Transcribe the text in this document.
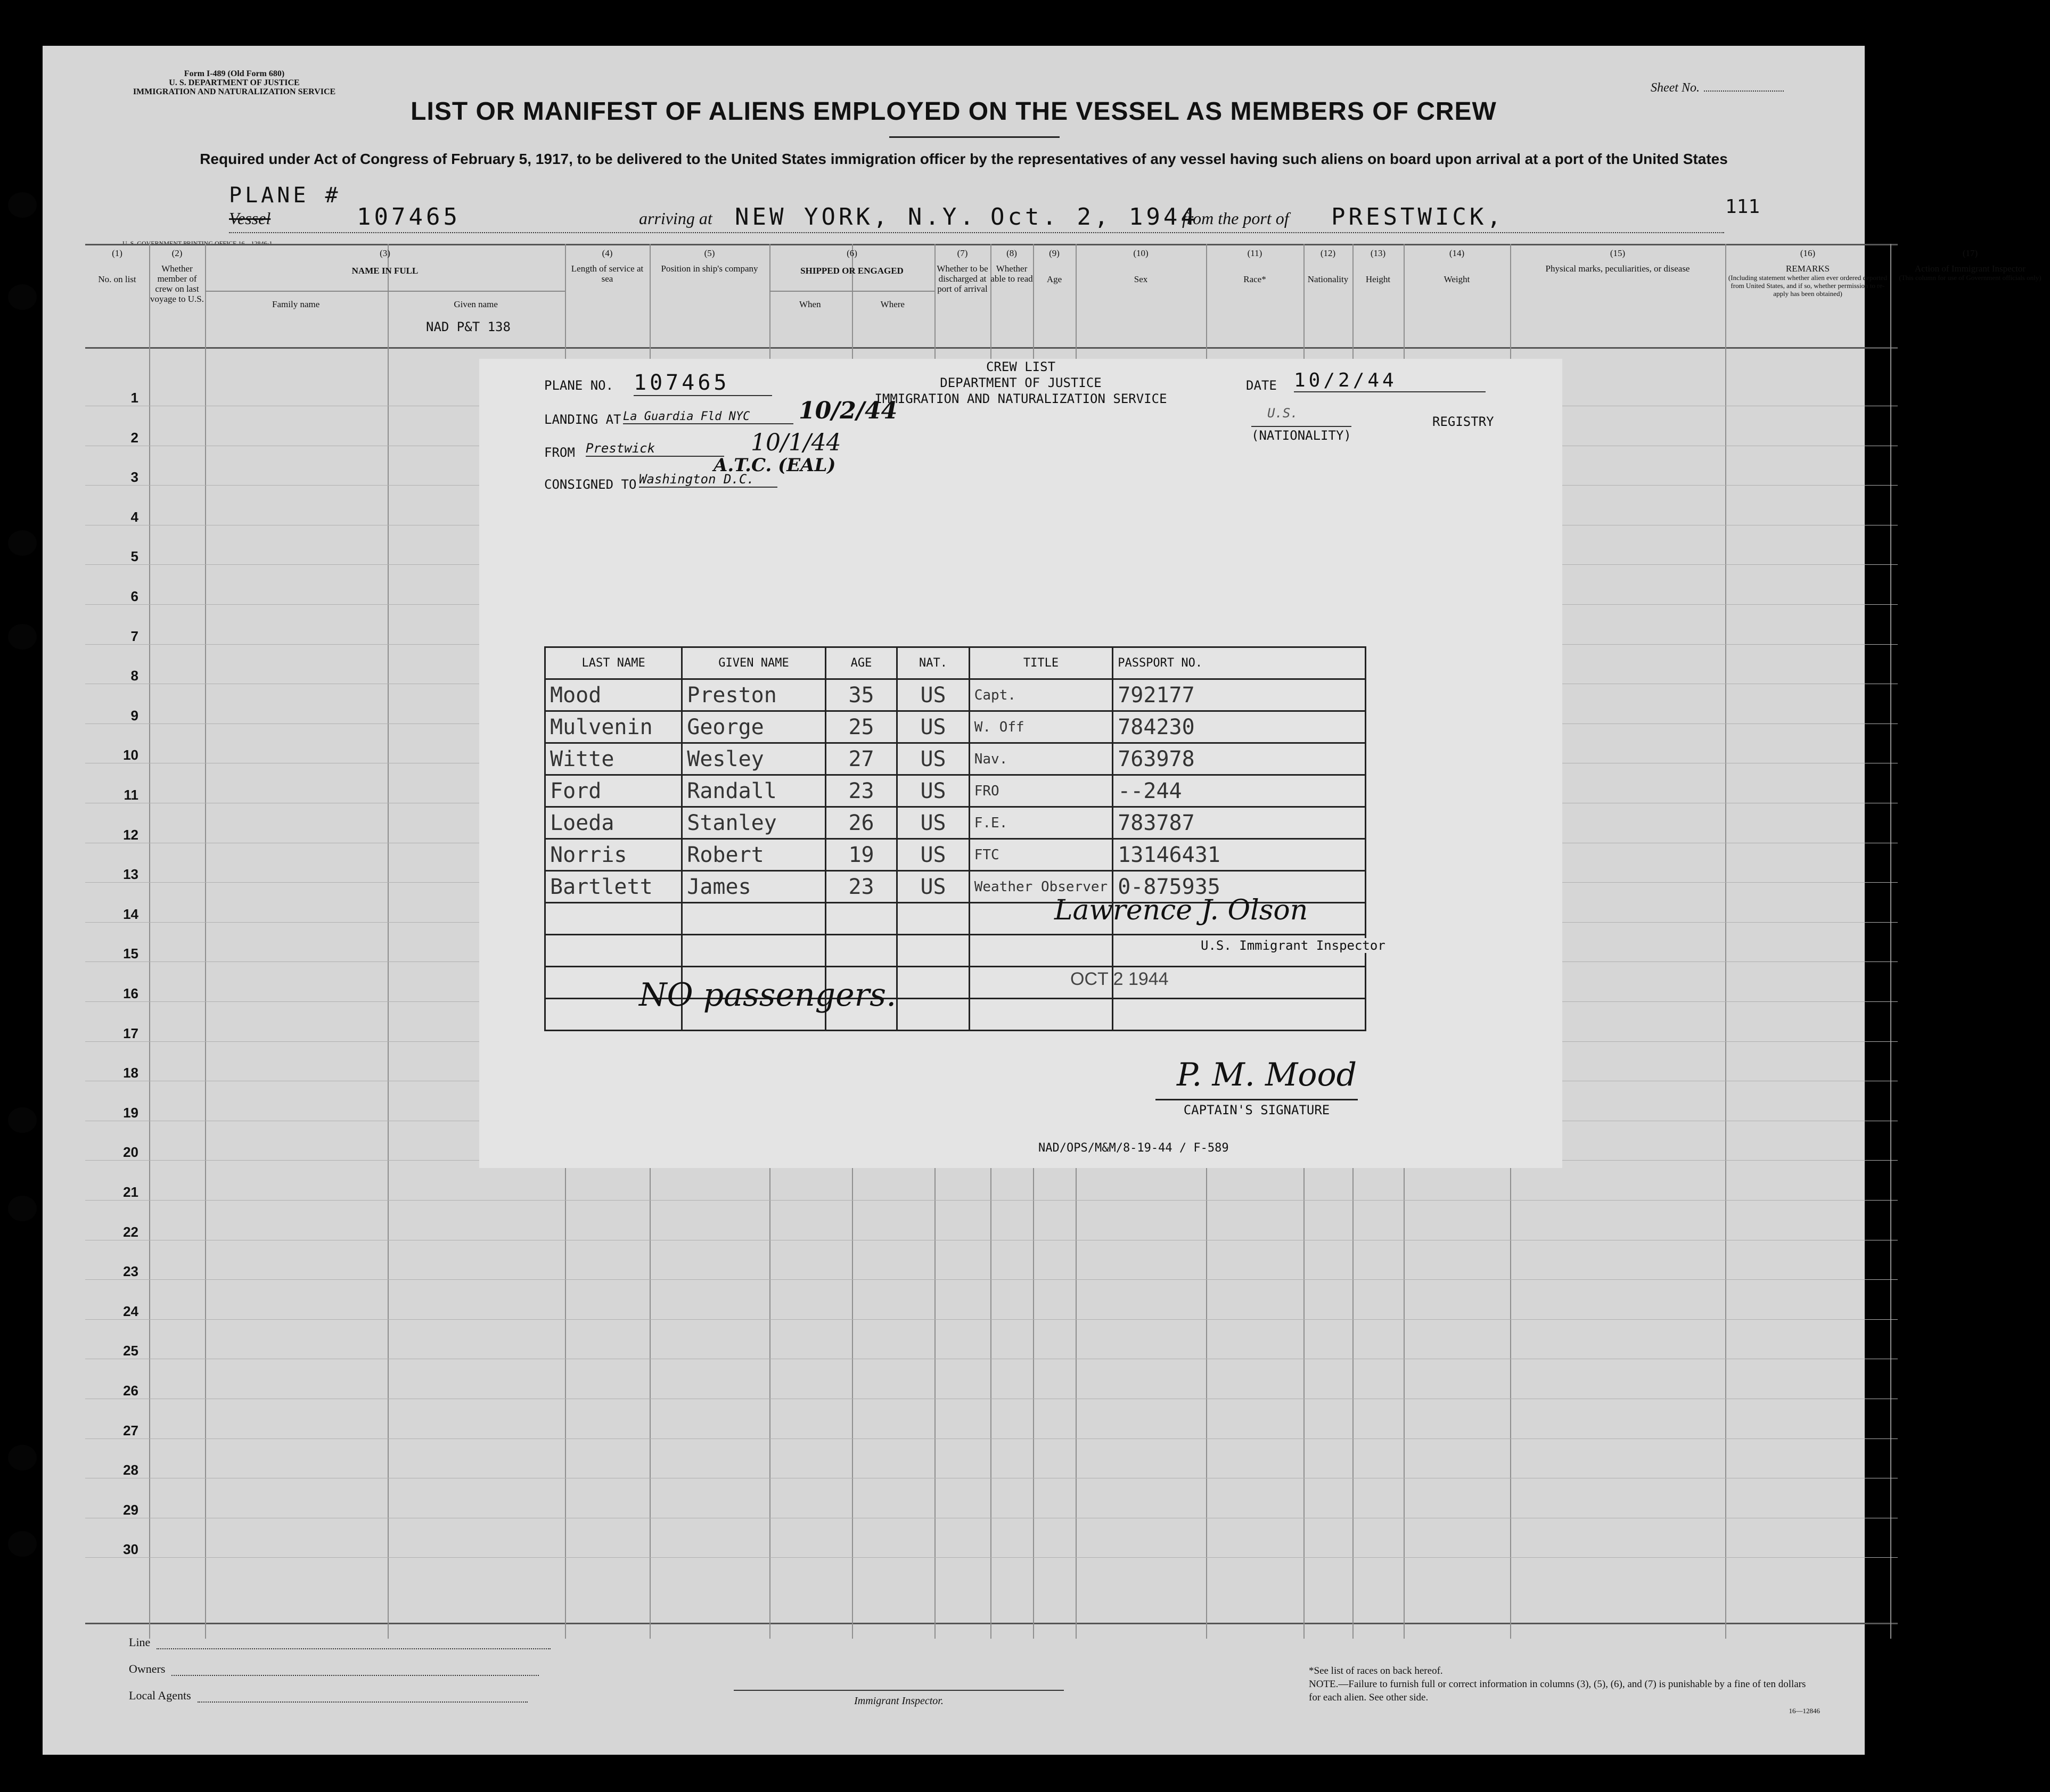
Form I-489 (Old Form 680)
U. S. DEPARTMENT OF JUSTICE
IMMIGRATION AND NATURALIZATION SERVICE	Sheet No.
LIST OR MANIFEST OF ALIENS EMPLOYED ON THE VESSEL AS MEMBERS OF CREW
Required under Act of Congress of February 5, 1917, to be delivered to the United States immigration officer by the representatives of any vessel having such aliens on board upon arrival at a port of the United States
111
PLANE #
Vessel	107465	arriving at NEW YORK, N.Y. Oct. 2, 1944
from the port of PRESTWICK,
U. S. GOVERNMENT PRINTING OFFICE 16—12846-1
(1)
No. on list
(2)
Whether member of crew on last voyage to U.S.
(3)
NAME IN FULL
Family name	Given name
(4)
Length of service at sea
(5)
Position in ship's company
(6)
SHIPPED OR ENGAGED
When	Where
(7)
Whether to be discharged at port of arrival
(8)
Whether able to read
(9)
Age
(10)
Sex
(11)
Race*
(12)
Nationality
(13)
Height
(14)
Weight
(15)
Physical marks, peculiarities, or disease
(16)
REMARKS
(Including statement whether alien ever ordered deported from United States, and if so, whether permission to re-apply has been obtained)
(17)
Action of Immigrant Inspector
(This column for use of Government officials only)
1
2
3
4
5
6
7
8
9
10
11
12
13
14
15
16
17
18
19
20
21
22
23
24
25
26
27
28
29
30
NAD P&T 138
CREW LIST
DEPARTMENT OF JUSTICE
IMMIGRATION AND NATURALIZATION SERVICE
PLANE NO. 107465
LANDING AT La Guardia Fld NYC	10/2/44
FROM Prestwick	10/1/44
A.T.C. (EAL)
CONSIGNED TO Washington D.C.
DATE 10/2/44
U.S.
(NATIONALITY)
REGISTRY
LAST NAME	GIVEN NAME	AGE	NAT.	TITLE	PASSPORT NO.
Mood	Preston	35	US	Capt.	792177
Mulvenin	George	25	US	W. Off	784230
Witte	Wesley	27	US	Nav.	763978
Ford	Randall	23	US	FRO	--244
Loeda	Stanley	26	US	F.E.	783787
Norris	Robert	19	US	FTC	13146431
Bartlett	James	23	US	Weather Observer	0-875935

NO passengers.
Lawrence J. Olson
U.S. Immigrant Inspector
OCT 2 1944
P. M. Mood
CAPTAIN'S SIGNATURE
NAD/OPS/M&M/8-19-44 / F-589
Line
Owners
Local Agents	Immigrant Inspector.
*See list of races on back hereof.
NOTE.—Failure to furnish full or correct information in columns (3), (5), (6), and (7) is punishable by a fine of ten dollars for each alien. See other side.
16—12846
